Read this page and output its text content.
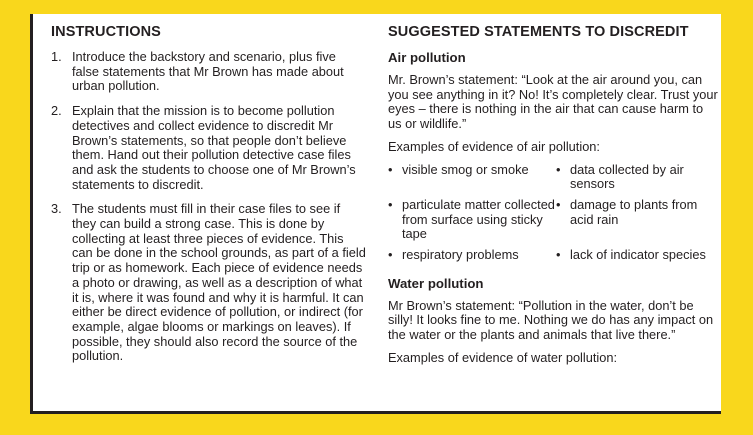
INSTRUCTIONS
1. Introduce the backstory and scenario, plus five false statements that Mr Brown has made about urban pollution.
2. Explain that the mission is to become pollution detectives and collect evidence to discredit Mr Brown’s statements, so that people don’t believe them. Hand out their pollution detective case files and ask the students to choose one of Mr Brown’s statements to discredit.
3. The students must fill in their case files to see if they can build a strong case. This is done by collecting at least three pieces of evidence. This can be done in the school grounds, as part of a field trip or as homework. Each piece of evidence needs a photo or drawing, as well as a description of what it is, where it was found and why it is harmful. It can either be direct evidence of pollution, or indirect (for example, algae blooms or markings on leaves). If possible, they should also record the source of the pollution.
SUGGESTED STATEMENTS TO DISCREDIT
Air pollution

Mr. Brown’s statement: “Look at the air around you, can you see anything in it? No! It’s completely clear. Trust your eyes – there is nothing in the air that can cause harm to us or wildlife.”

Examples of evidence of air pollution:

• visible smog or smoke	• data collected by air sensors
• particulate matter collected from surface using sticky tape
• damage to plants from acid rain
• respiratory problems	• lack of indicator species
Water pollution

Mr Brown’s statement: “Pollution in the water, don’t be silly! It looks fine to me. Nothing we do has any impact on the water or the plants and animals that live there.”

Examples of evidence of water pollution:
